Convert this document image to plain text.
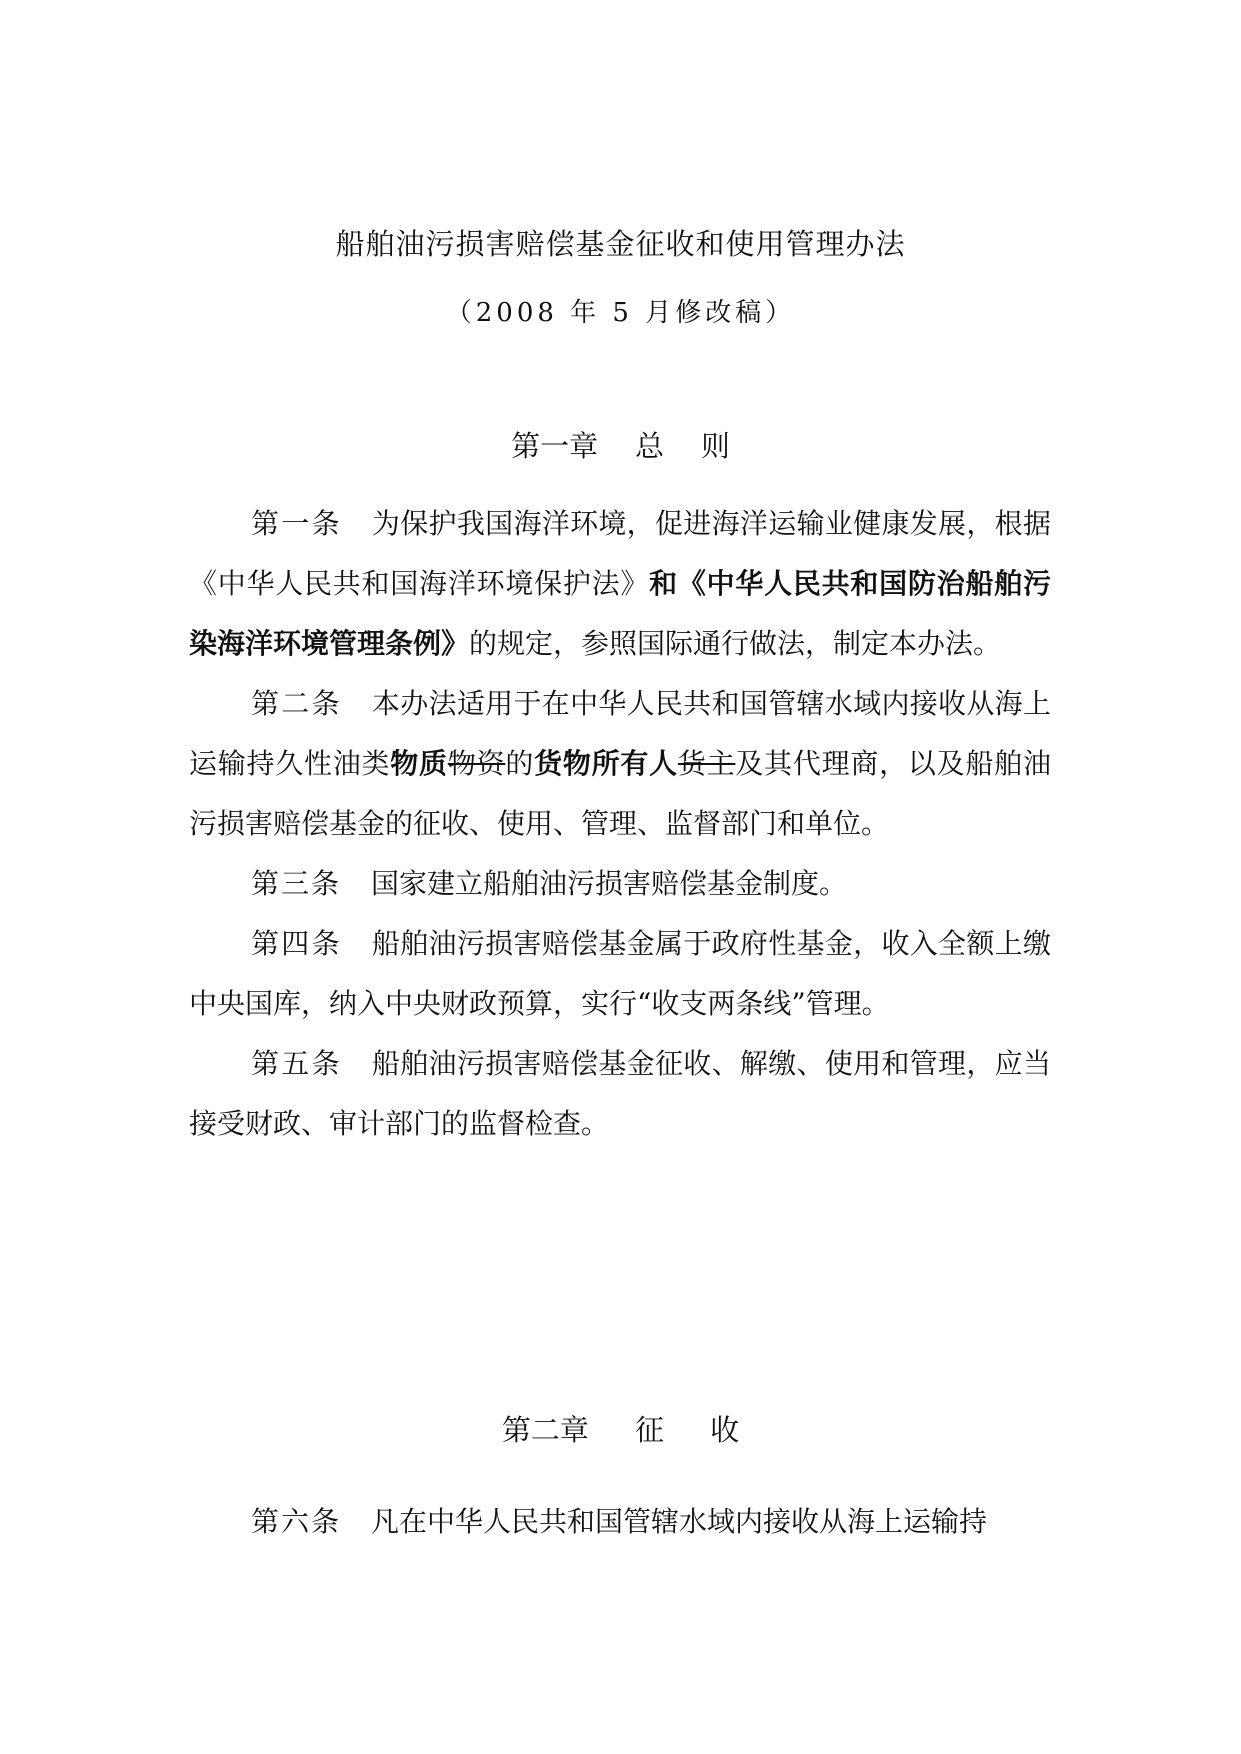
船舶油污损害赔偿基金征收和使用管理办法
（2008 年 5 月修改稿）
第一章    总    则

第一条 为保护我国海洋环境，促进海洋运输业健康发展，根据《中华人民共和国海洋环境保护法》和《中华人民共和国防治船舶污染海洋环境管理条例》的规定，参照国际通行做法，制定本办法。

第二条 本办法适用于在中华人民共和国管辖水域内接收从海上运输持久性油类物质物资的货物所有人货主及其代理商，以及船舶油污损害赔偿基金的征收、使用、管理、监督部门和单位。

第三条 国家建立船舶油污损害赔偿基金制度。

第四条 船舶油污损害赔偿基金属于政府性基金，收入全额上缴中央国库，纳入中央财政预算，实行“收支两条线”管理。

第五条 船舶油污损害赔偿基金征收、解缴、使用和管理，应当接受财政、审计部门的监督检查。

第二章     征     收

第六条 凡在中华人民共和国管辖水域内接收从海上运输持
